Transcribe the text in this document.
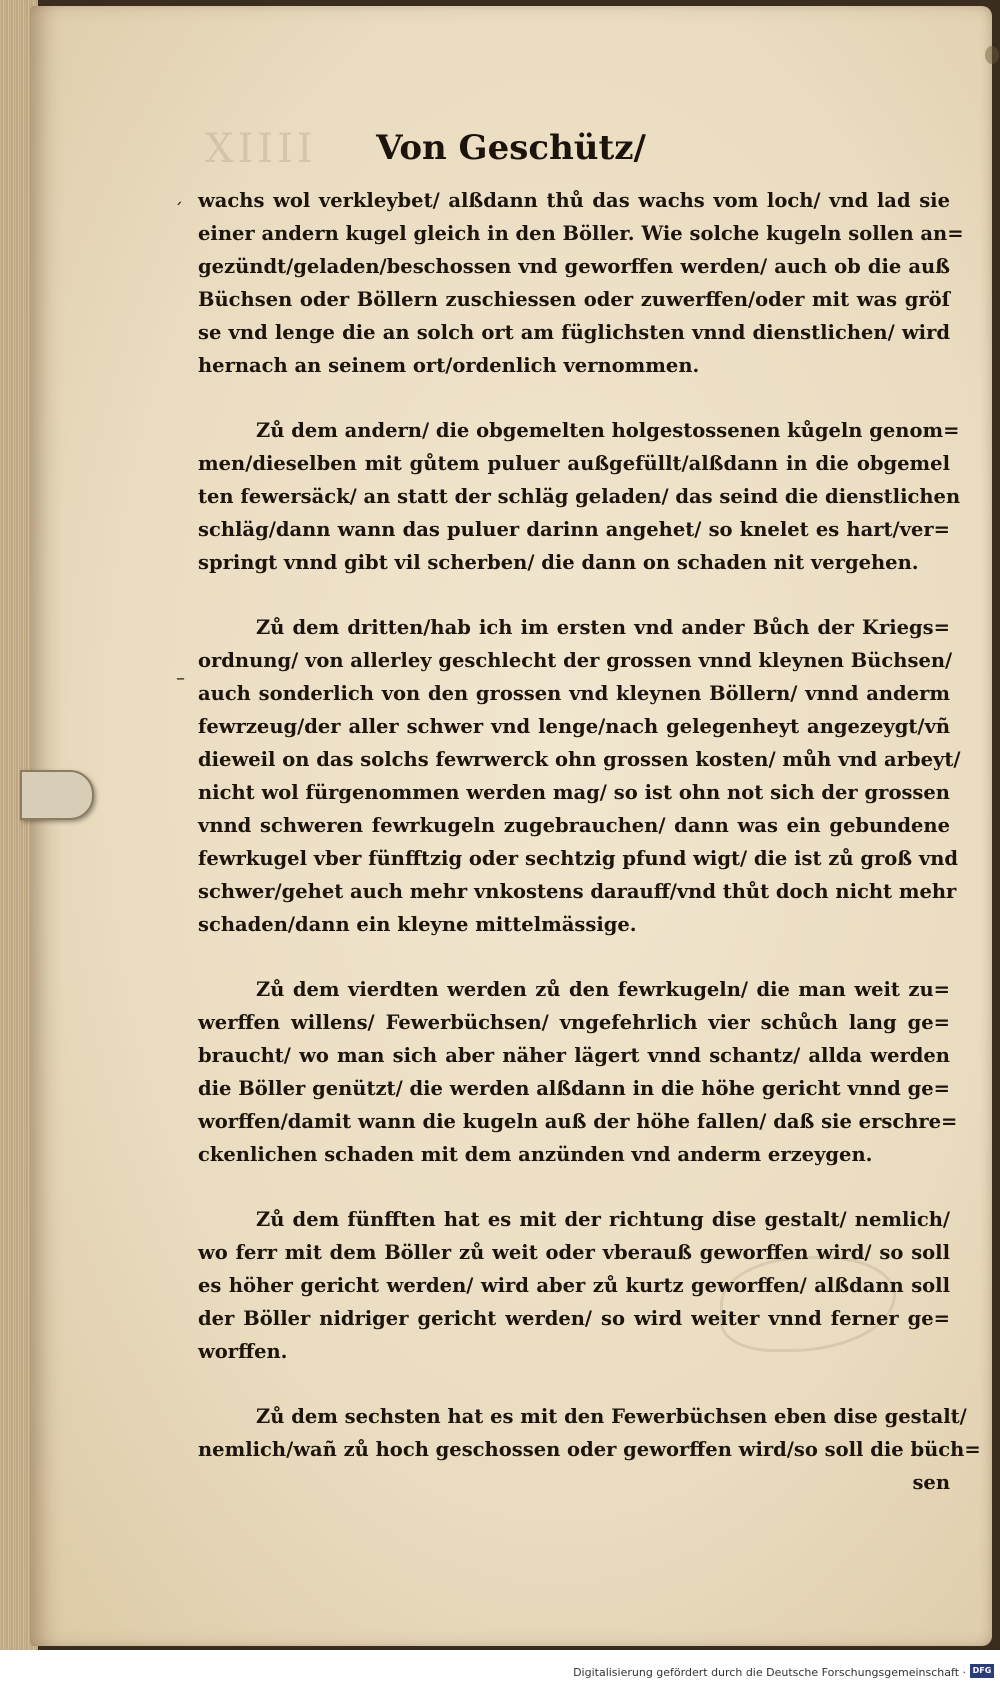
XIIII	Von Geschütz/
wachs wol verkleybet/ alßdann thů das wachs vom loch/ vnd lad sie
einer andern kugel gleich in den Böller. Wie solche kugeln sollen an=
gezündt/geladen/beschossen vnd geworffen werden/ auch ob die auß
Büchsen oder Böllern zuschiessen oder zuwerffen/oder mit was gröſ
se vnd lenge die an solch ort am füglichsten vnnd dienstlichen/ wird
hernach an seinem ort/ordenlich vernommen.
Zů dem andern/ die obgemelten holgestossenen kůgeln genom=
men/dieselben mit gůtem puluer außgefüllt/alßdann in die obgemel
ten fewersäck/ an statt der schläg geladen/ das seind die dienstlichen
schläg/dann wann das puluer darinn angehet/ so knelet es hart/ver=
springt vnnd gibt vil scherben/ die dann on schaden nit vergehen.
Zů dem dritten/hab ich im ersten vnd ander Bůch der Kriegs=
ordnung/ von allerley geschlecht der grossen vnnd kleynen Büchsen/
auch sonderlich von den grossen vnd kleynen Böllern/ vnnd anderm
fewrzeug/der aller schwer vnd lenge/nach gelegenheyt angezeygt/vñ
dieweil on das solchs fewrwerck ohn grossen kosten/ můh vnd arbeyt/
nicht wol fürgenommen werden mag/ so ist ohn not sich der grossen
vnnd schweren fewrkugeln zugebrauchen/ dann was ein gebundene
fewrkugel vber fünfftzig oder sechtzig pfund wigt/ die ist zů groß vnd
schwer/gehet auch mehr vnkostens darauff/vnd thůt doch nicht mehr
schaden/dann ein kleyne mittelmässige.
Zů dem vierdten werden zů den fewrkugeln/ die man weit zu=
werffen willens/ Fewerbüchsen/ vngefehrlich vier schůch lang ge=
braucht/ wo man sich aber näher lägert vnnd schantz/ allda werden
die Böller genützt/ die werden alßdann in die höhe gericht vnnd ge=
worffen/damit wann die kugeln auß der höhe fallen/ daß sie erschre=
ckenlichen schaden mit dem anzünden vnd anderm erzeygen.
Zů dem fünfften hat es mit der richtung dise gestalt/ nemlich/
wo ferr mit dem Böller zů weit oder vberauß geworffen wird/ so soll
es höher gericht werden/ wird aber zů kurtz geworffen/ alßdann soll
der Böller nidriger gericht werden/ so wird weiter vnnd ferner ge=
worffen.
Zů dem sechsten hat es mit den Fewerbüchsen eben dise gestalt/
nemlich/wañ zů hoch geschossen oder geworffen wird/so soll die büch=
sen
ˏ
–
Digitalisierung gefördert durch die Deutsche Forschungsgemeinschaft · DFG
